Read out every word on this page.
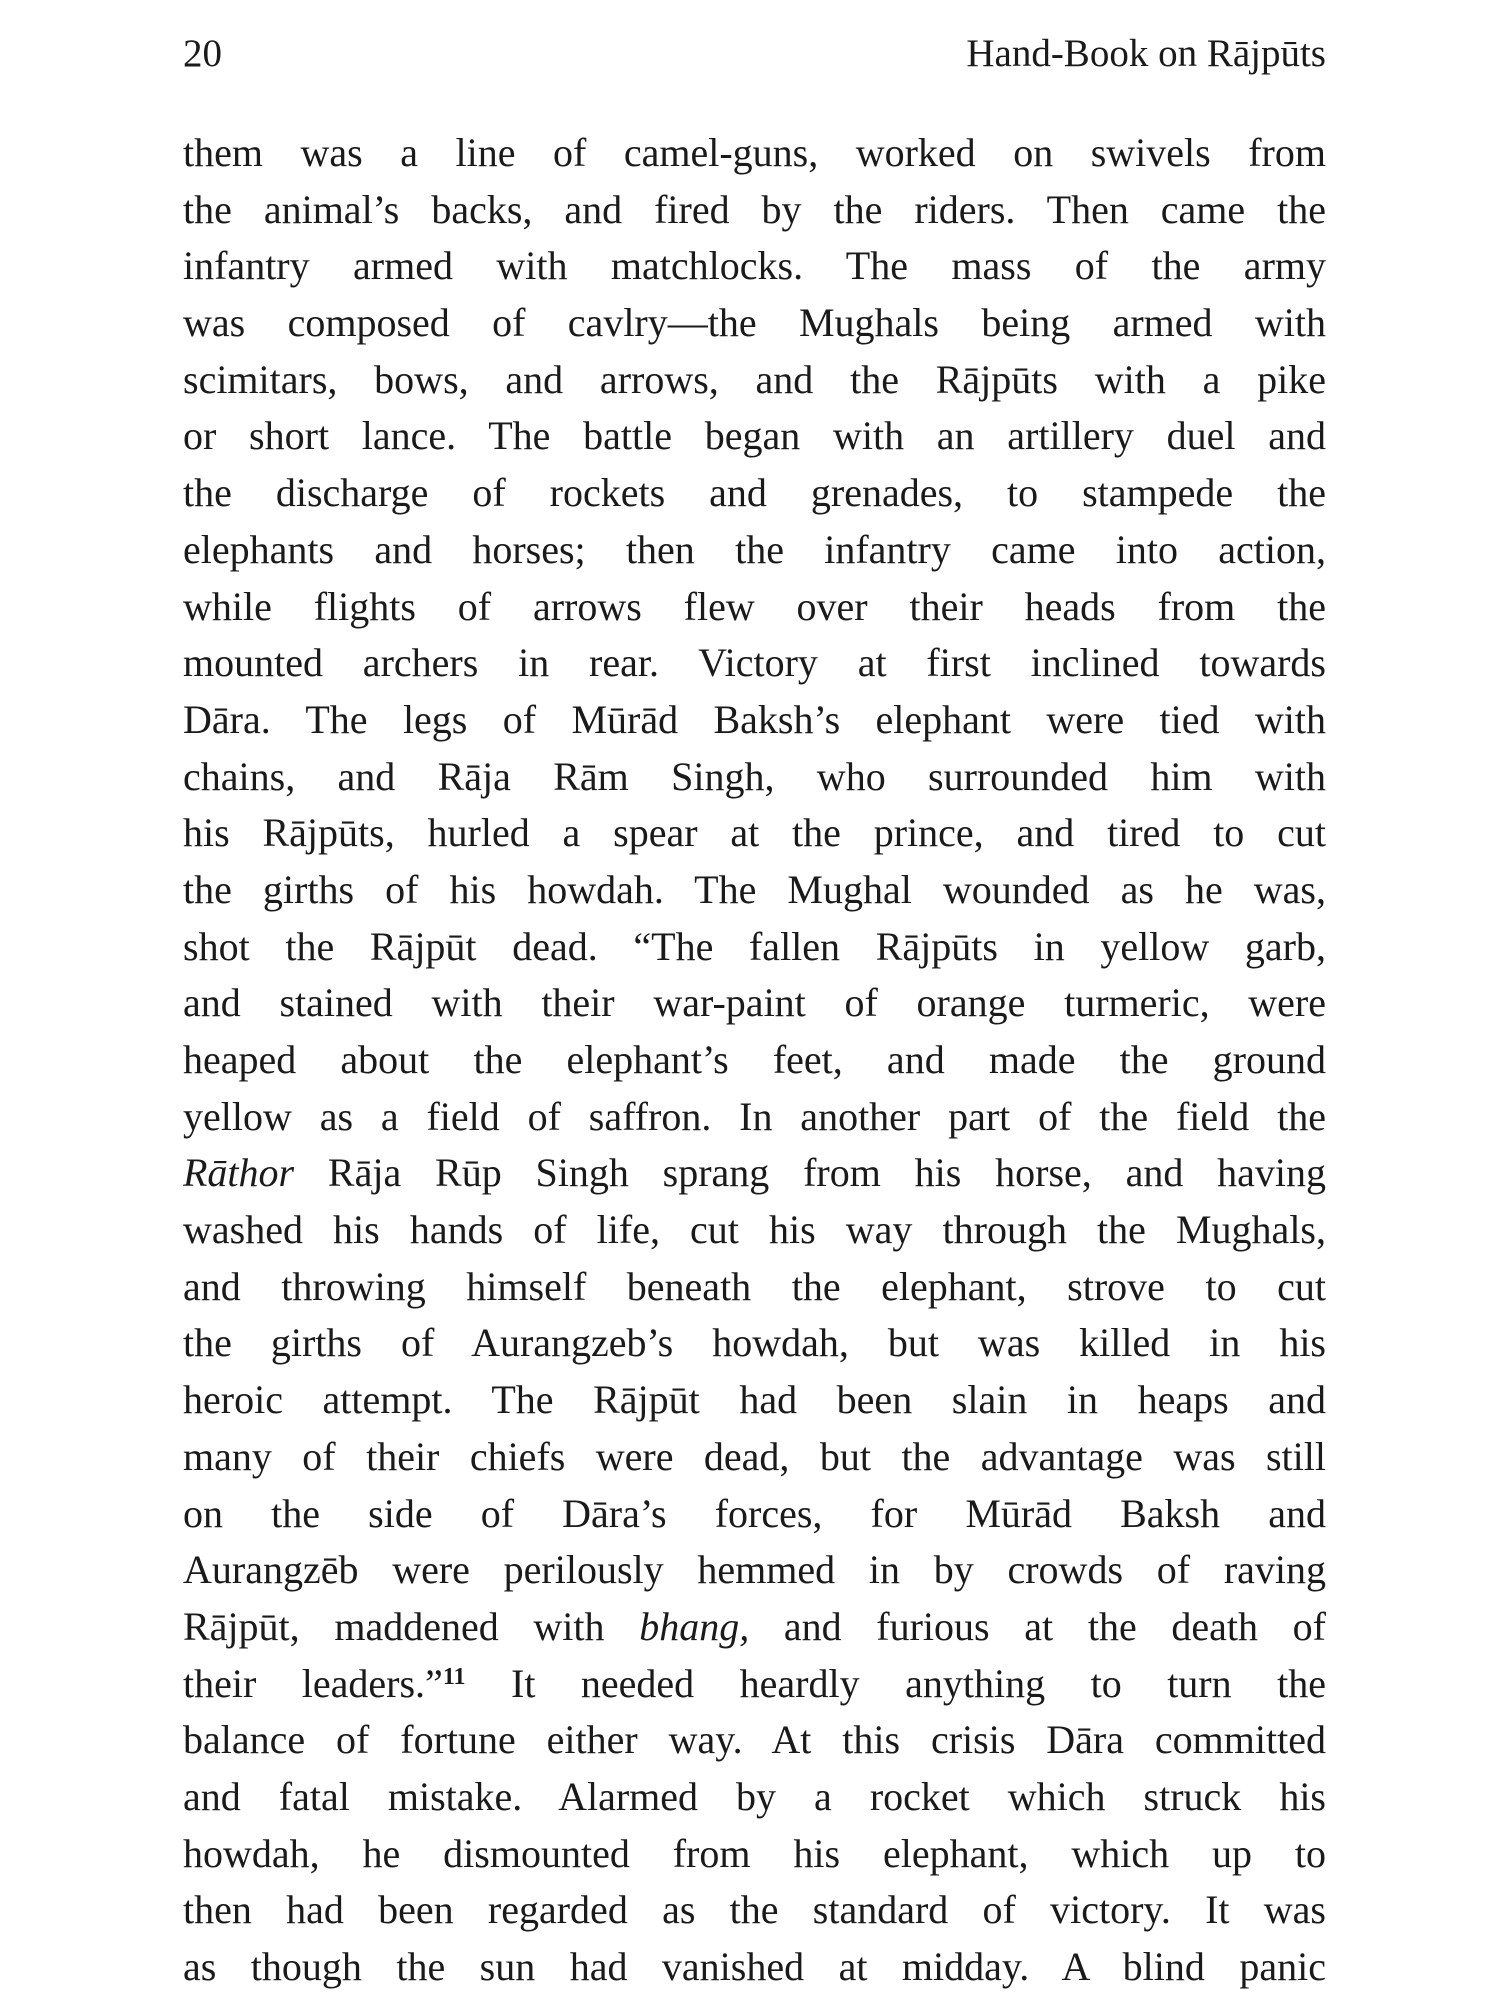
20	Hand-Book on Rājpūts
them was a line of camel-guns, worked on swivels from
the animal’s backs, and fired by the riders. Then came the
infantry armed with matchlocks. The mass of the army
was composed of cavlry—the Mughals being armed with
scimitars, bows, and arrows, and the Rājpūts with a pike
or short lance. The battle began with an artillery duel and
the discharge of rockets and grenades, to stampede the
elephants and horses; then the infantry came into action,
while flights of arrows flew over their heads from the
mounted archers in rear. Victory at first inclined towards
Dāra. The legs of Mūrād Baksh’s elephant were tied with
chains, and Rāja Rām Singh, who surrounded him with
his Rājpūts, hurled a spear at the prince, and tired to cut
the girths of his howdah. The Mughal wounded as he was,
shot the Rājpūt dead. “The fallen Rājpūts in yellow garb,
and stained with their war-paint of orange turmeric, were
heaped about the elephant’s feet, and made the ground
yellow as a field of saffron. In another part of the field the
Rāthor Rāja Rūp Singh sprang from his horse, and having
washed his hands of life, cut his way through the Mughals,
and throwing himself beneath the elephant, strove to cut
the girths of Aurangzeb’s howdah, but was killed in his
heroic attempt. The Rājpūt had been slain in heaps and
many of their chiefs were dead, but the advantage was still
on the side of Dāra’s forces, for Mūrād Baksh and
Aurangzēb were perilously hemmed in by crowds of raving
Rājpūt, maddened with bhang, and furious at the death of
their leaders.”$^{11}$ It needed heardly anything to turn the
balance of fortune either way. At this crisis Dāra committed
and fatal mistake. Alarmed by a rocket which struck his
howdah, he dismounted from his elephant, which up to
then had been regarded as the standard of victory. It was
as though the sun had vanished at midday. A blind panic
